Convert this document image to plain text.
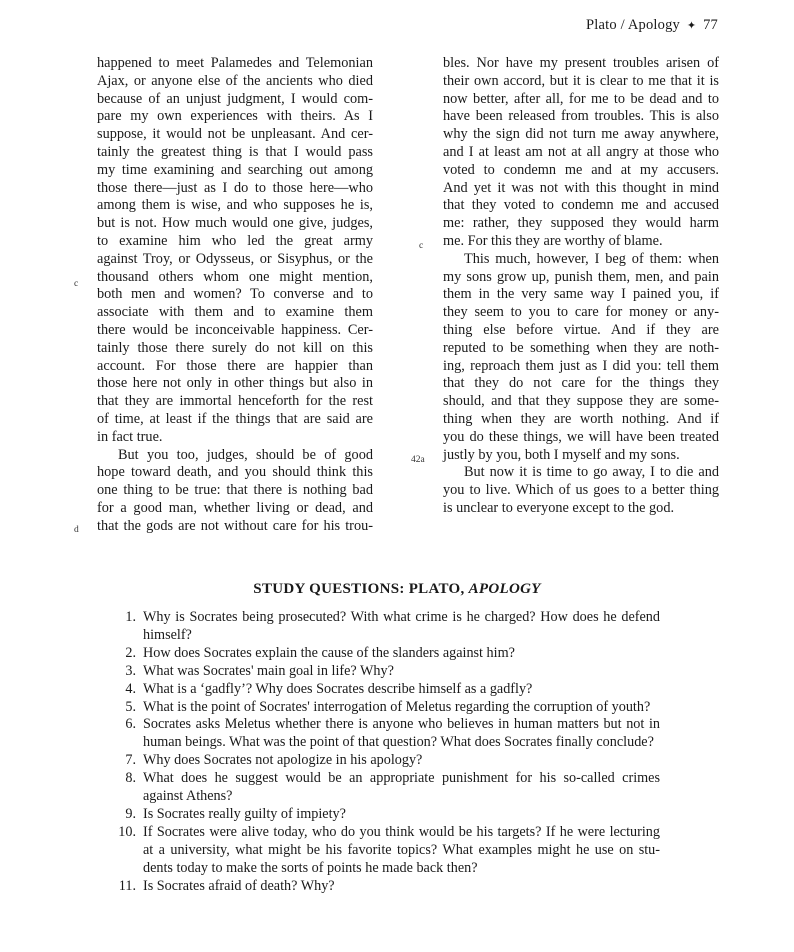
Plato / Apology ✦ 77
happened to meet Palamedes and Telemonian
Ajax, or anyone else of the ancients who died
because of an unjust judgment, I would com-
pare my own experiences with theirs. As I
suppose, it would not be unpleasant. And cer-
tainly the greatest thing is that I would pass
my time examining and searching out among
those there—just as I do to those here—who
among them is wise, and who supposes he is,
but is not. How much would one give, judges,
to examine him who led the great army
against Troy, or Odysseus, or Sisyphus, or the
thousand others whom one might mention,
both men and women? To converse and to
associate with them and to examine them
there would be inconceivable happiness. Cer-
tainly those there surely do not kill on this
account. For those there are happier than
those here not only in other things but also in
that they are immortal henceforth for the rest
of time, at least if the things that are said are
in fact true.
But you too, judges, should be of good
hope toward death, and you should think this
one thing to be true: that there is nothing bad
for a good man, whether living or dead, and
that the gods are not without care for his trou-
bles. Nor have my present troubles arisen of
their own accord, but it is clear to me that it is
now better, after all, for me to be dead and to
have been released from troubles. This is also
why the sign did not turn me away anywhere,
and I at least am not at all angry at those who
voted to condemn me and at my accusers.
And yet it was not with this thought in mind
that they voted to condemn me and accused
me: rather, they supposed they would harm
me. For this they are worthy of blame.
This much, however, I beg of them: when
my sons grow up, punish them, men, and pain
them in the very same way I pained you, if
they seem to you to care for money or any-
thing else before virtue. And if they are
reputed to be something when they are noth-
ing, reproach them just as I did you: tell them
that they do not care for the things they
should, and that they suppose they are some-
thing when they are worth nothing. And if
you do these things, we will have been treated
justly by you, both I myself and my sons.
But now it is time to go away, I to die and
you to live. Which of us goes to a better thing
is unclear to everyone except to the god.
c
d
c
42a
STUDY QUESTIONS: PLATO, APOLOGY
1. Why is Socrates being prosecuted? With what crime is he charged? How does he defend
himself?
2. How does Socrates explain the cause of the slanders against him?
3. What was Socrates' main goal in life? Why?
4. What is a ‘gadfly’? Why does Socrates describe himself as a gadfly?
5. What is the point of Socrates' interrogation of Meletus regarding the corruption of youth?
6. Socrates asks Meletus whether there is anyone who believes in human matters but not in
human beings. What was the point of that question? What does Socrates finally conclude?
7. Why does Socrates not apologize in his apology?
8. What does he suggest would be an appropriate punishment for his so-called crimes
against Athens?
9. Is Socrates really guilty of impiety?
10. If Socrates were alive today, who do you think would be his targets? If he were lecturing
at a university, what might be his favorite topics? What examples might he use on stu-
dents today to make the sorts of points he made back then?
11. Is Socrates afraid of death? Why?
